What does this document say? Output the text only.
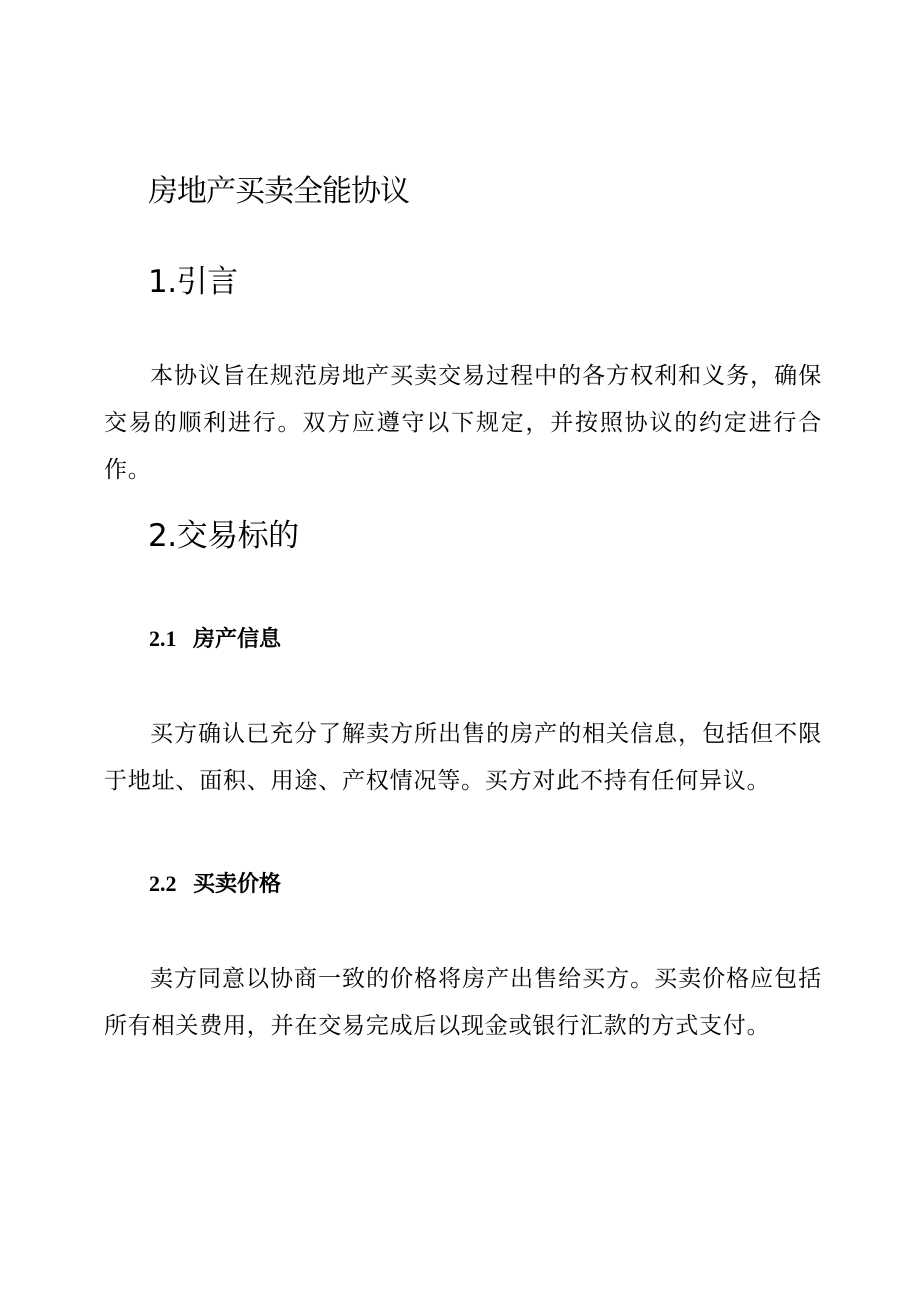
房地产买卖全能协议
1.引言
本协议旨在规范房地产买卖交易过程中的各方权利和义务，确保交易的顺利进行。双方应遵守以下规定，并按照协议的约定进行合作。
2.交易标的
2.1 房产信息
买方确认已充分了解卖方所出售的房产的相关信息，包括但不限于地址、面积、用途、产权情况等。买方对此不持有任何异议。
2.2 买卖价格
卖方同意以协商一致的价格将房产出售给买方。买卖价格应包括所有相关费用，并在交易完成后以现金或银行汇款的方式支付。
